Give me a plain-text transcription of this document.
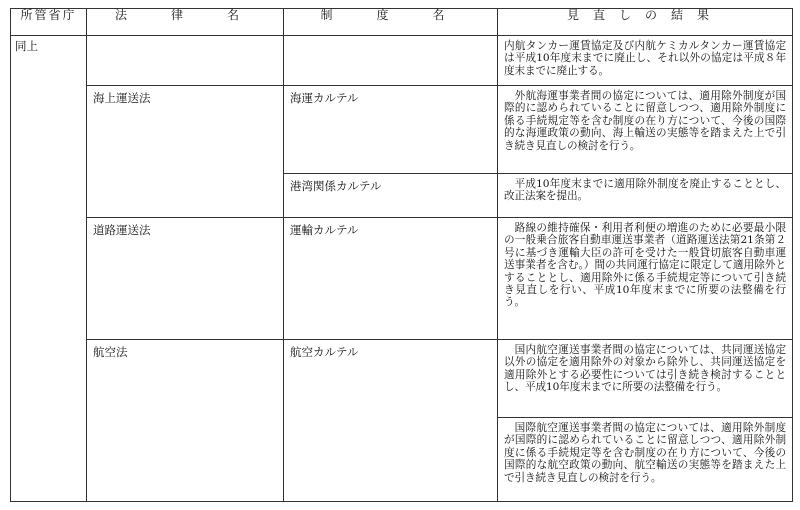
所管省庁	法　律　名	制　度　名	見直しの結果

同上			内航タンカー運賃協定及び内航ケミカルタンカー運賃協定は平成10年度末までに廃止し、それ以外の協定は平成８年度末までに廃止する。

	海上運送法	海運カルテル	外航海運事業者間の協定については、適用除外制度が国際的に認められていることに留意しつつ、適用除外制度に係る手続規定等を含む制度の在り方について、今後の国際的な海運政策の動向、海上輸送の実態等を踏まえた上で引き続き見直しの検討を行う。

		港湾関係カルテル	平成10年度末までに適用除外制度を廃止することとし、改正法案を提出。

	道路運送法	運輸カルテル	路線の維持確保・利用者利便の増進のために必要最小限の一般乗合旅客自動車運送事業者（道路運送法第21条第２号に基づき運輸大臣の許可を受けた一般貸切旅客自動車運送事業者を含む。）間の共同運行協定に限定して適用除外とすることとし、適用除外に係る手続規定等について引き続き見直しを行い、平成10年度末までに所要の法整備を行う。

	航空法	航空カルテル	国内航空運送事業者間の協定については、共同運送協定以外の協定を適用除外の対象から除外し、共同運送協定を適用除外とする必要性については引き続き検討することとし、平成10年度末までに所要の法整備を行う。

			国際航空運送事業者間の協定については、適用除外制度が国際的に認められていることに留意しつつ、適用除外制度に係る手続規定等を含む制度の在り方について、今後の国際的な航空政策の動向、航空輸送の実態等を踏まえた上で引き続き見直しの検討を行う。
